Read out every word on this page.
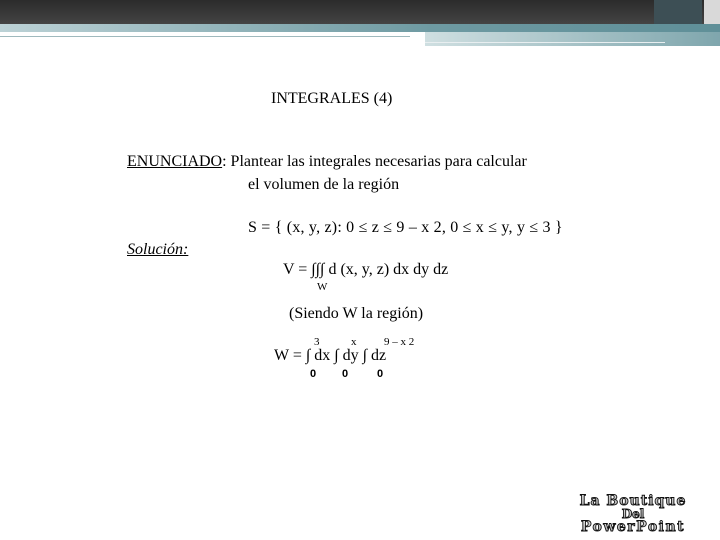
INTEGRALES (4)
ENUNCIADO: Plantear las integrales necesarias para calcular
el volumen de la región
S = { (x, y, z): 0 ≤ z ≤ 9 – x 2, 0 ≤ x ≤ y, y ≤ 3 }
Solución:
V = ∫∫∫ d (x, y, z) dx dy dz
W
(Siendo W la región)
3	x	9 – x 2
W = ∫ dx ∫ dy ∫ dz
0 0	0
La Boutique
Del
PowerPoint
